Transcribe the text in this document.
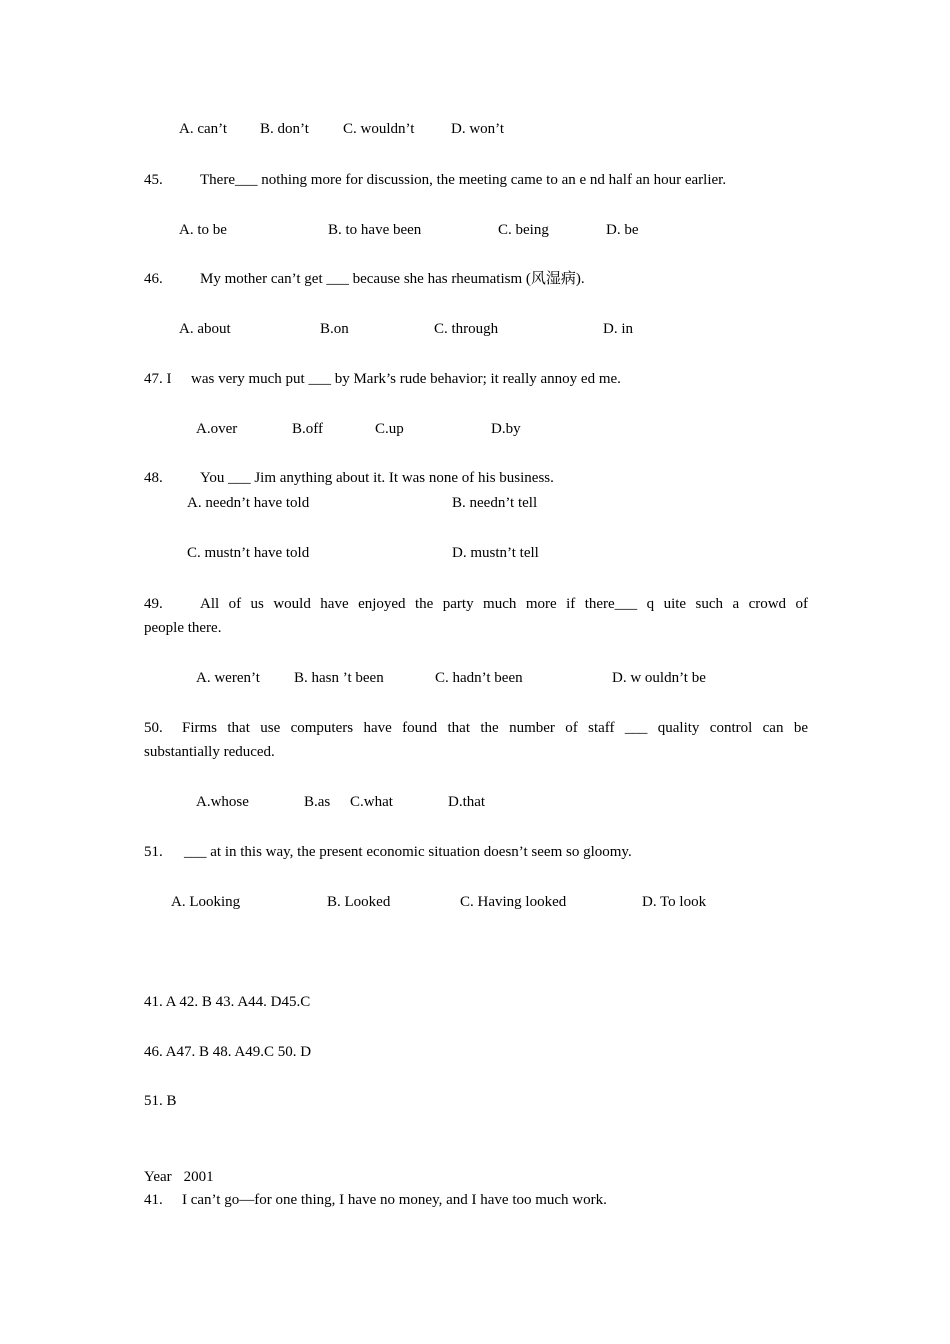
A. can’t B. don’t C. wouldn’t D. won’t
45. There___ nothing more for discussion, the meeting came to an e nd half an hour earlier.
A. to be	B. to have been	C. being	D. be
46. My mother can’t get ___ because she has rheumatism (风湿病).
A. about	B.on	C. through	D. in
47. I was very much put ___ by Mark’s rude behavior; it really annoy ed me.
A.over	B.off	C.up	D.by
48. You ___ Jim anything about it. It was none of his business.
A. needn’t have told	B. needn’t tell
C. mustn’t have told	D. mustn’t tell
49.	All of us would have enjoyed the party much more if there___ q uite such a crowd of
people there.
A. weren’t B. hasn ’t been	C. hadn’t been	D. w ouldn’t be
50.	Firms that use computers have found that the number of staff ___ quality control can be
substantially reduced.
A.whose	B.as C.what	D.that
51. ___ at in this way, the present economic situation doesn’t seem so gloomy.
A. Looking	B. Looked	C. Having looked	D. To look
41. A 42. B 43. A44. D45.C
46. A47. B 48. A49.C 50. D
51. B
Year 2001
41. I can’t go—for one thing, I have no money, and I have too much work.
